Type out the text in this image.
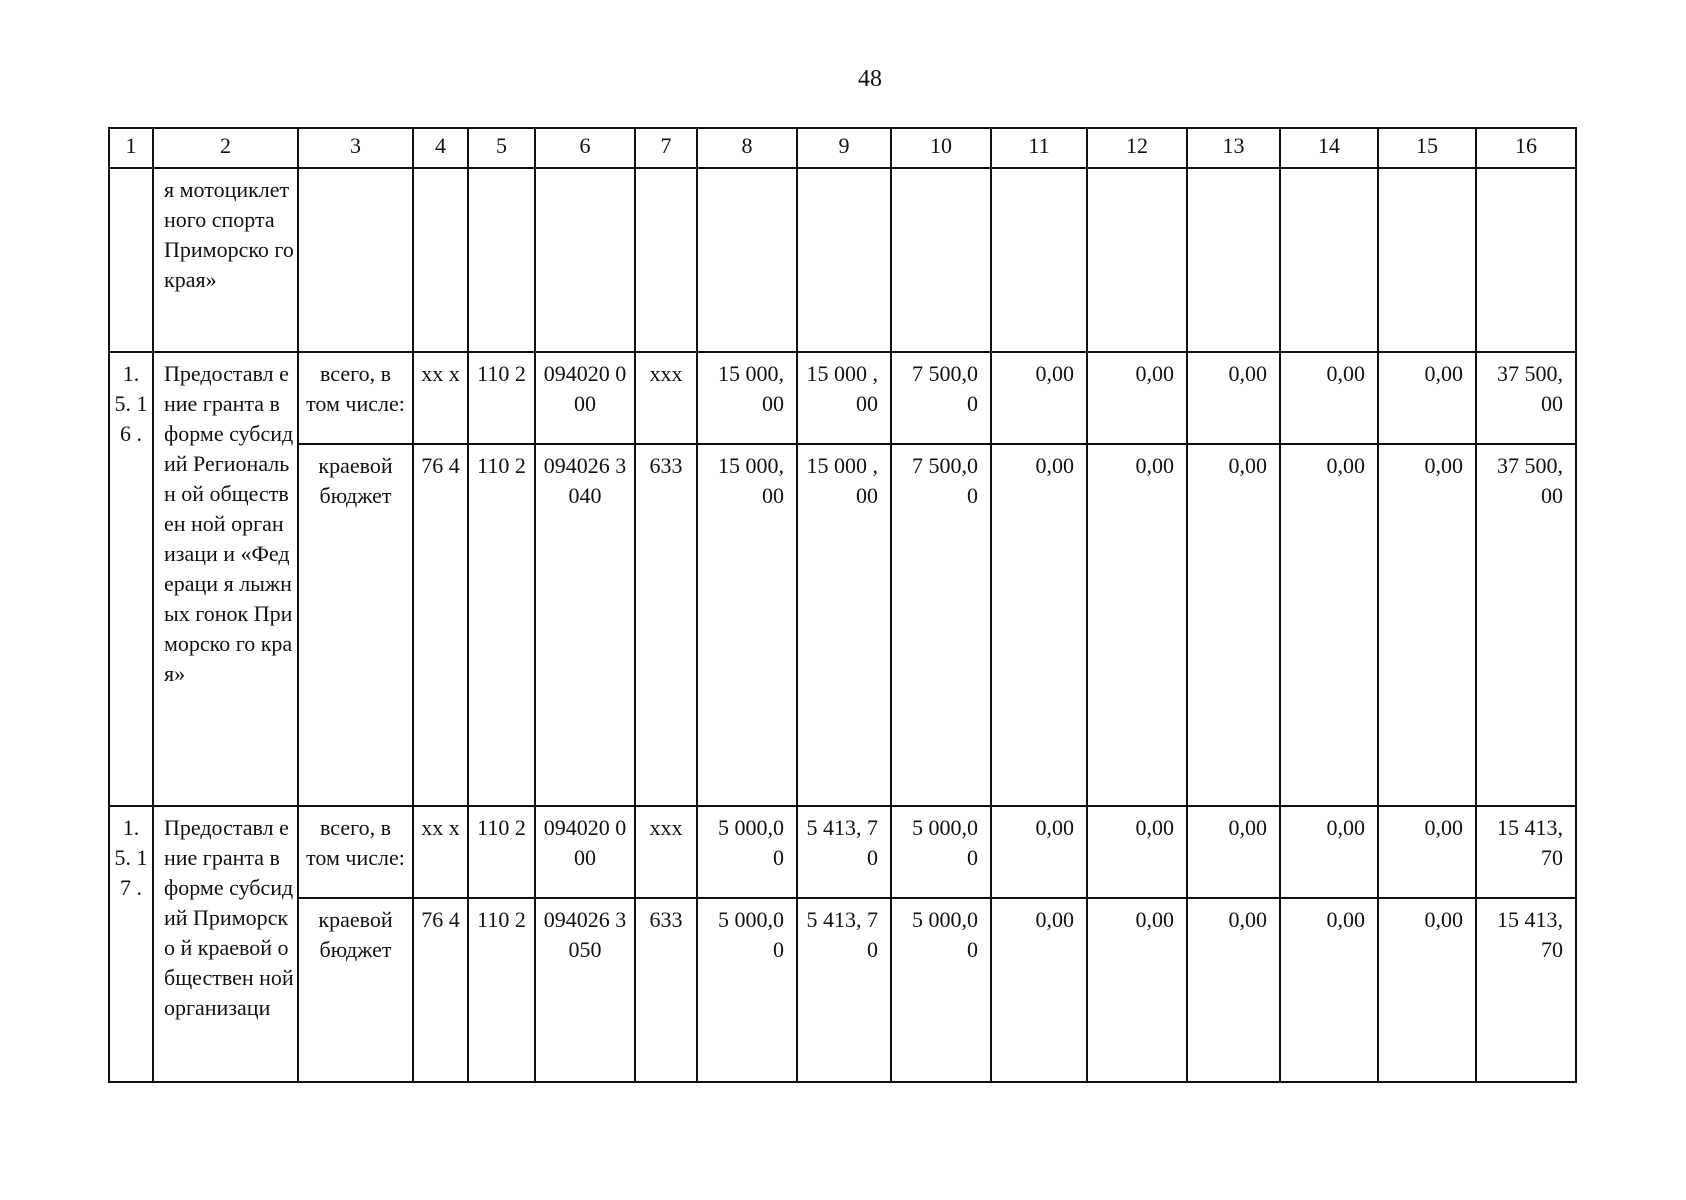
48
1	2	3	4	5	6	7	8	9	10	11	12	13	14	15	16

	я мотоциклет ного спорта Приморско го края»														

1. 5. 16 .	Предоставл ение гранта в форме субсидий Региональн ой обществен ной организаци и «Федераци я лыжных гонок Приморско го края»	всего, в том числе:	хх х	110 2	094020 000	ххх	15 000, 00	15 000 ,00	7 500,0 0	0,00	0,00	0,00	0,00	0,00	37 500, 00

		краевой бюджет	76 4	110 2	094026 3040	633	15 000, 00	15 000 ,00	7 500,0 0	0,00	0,00	0,00	0,00	0,00	37 500, 00

1. 5. 17 .	Предоставл ение гранта в форме субсидий Приморско й краевой обществен ной организаци	всего, в том числе:	хх х	110 2	094020 000	ххх	5 000,0 0	5 413, 70	5 000,0 0	0,00	0,00	0,00	0,00	0,00	15 413, 70

		краевой бюджет	76 4	110 2	094026 3050	633	5 000,0 0	5 413, 70	5 000,0 0	0,00	0,00	0,00	0,00	0,00	15 413, 70
